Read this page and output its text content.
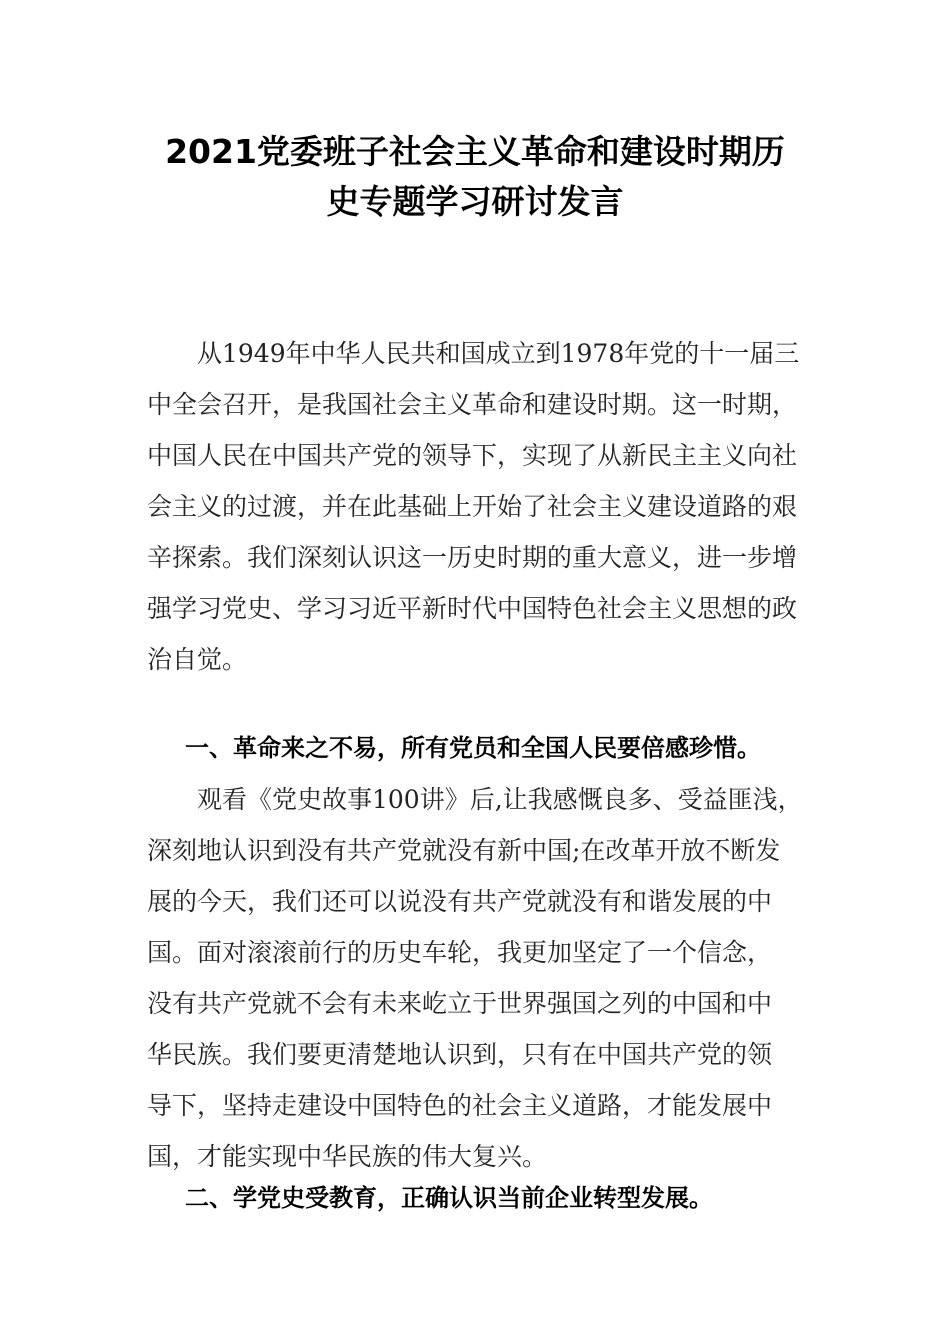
2021党委班子社会主义革命和建设时期历
史专题学习研讨发言

　　从1949年中华人民共和国成立到1978年党的十一届三
中全会召开，是我国社会主义革命和建设时期。这一时期，
中国人民在中国共产党的领导下，实现了从新民主主义向社
会主义的过渡，并在此基础上开始了社会主义建设道路的艰
辛探索。我们深刻认识这一历史时期的重大意义，进一步增
强学习党史、学习习近平新时代中国特色社会主义思想的政
治自觉。

一、革命来之不易，所有党员和全国人民要倍感珍惜。

　　观看《党史故事100讲》后,让我感慨良多、受益匪浅，
深刻地认识到没有共产党就没有新中国;在改革开放不断发
展的今天，我们还可以说没有共产党就没有和谐发展的中
国。面对滚滚前行的历史车轮，我更加坚定了一个信念，
没有共产党就不会有未来屹立于世界强国之列的中国和中
华民族。我们要更清楚地认识到，只有在中国共产党的领
导下，坚持走建设中国特色的社会主义道路，才能发展中
国，才能实现中华民族的伟大复兴。

二、学党史受教育，正确认识当前企业转型发展。
